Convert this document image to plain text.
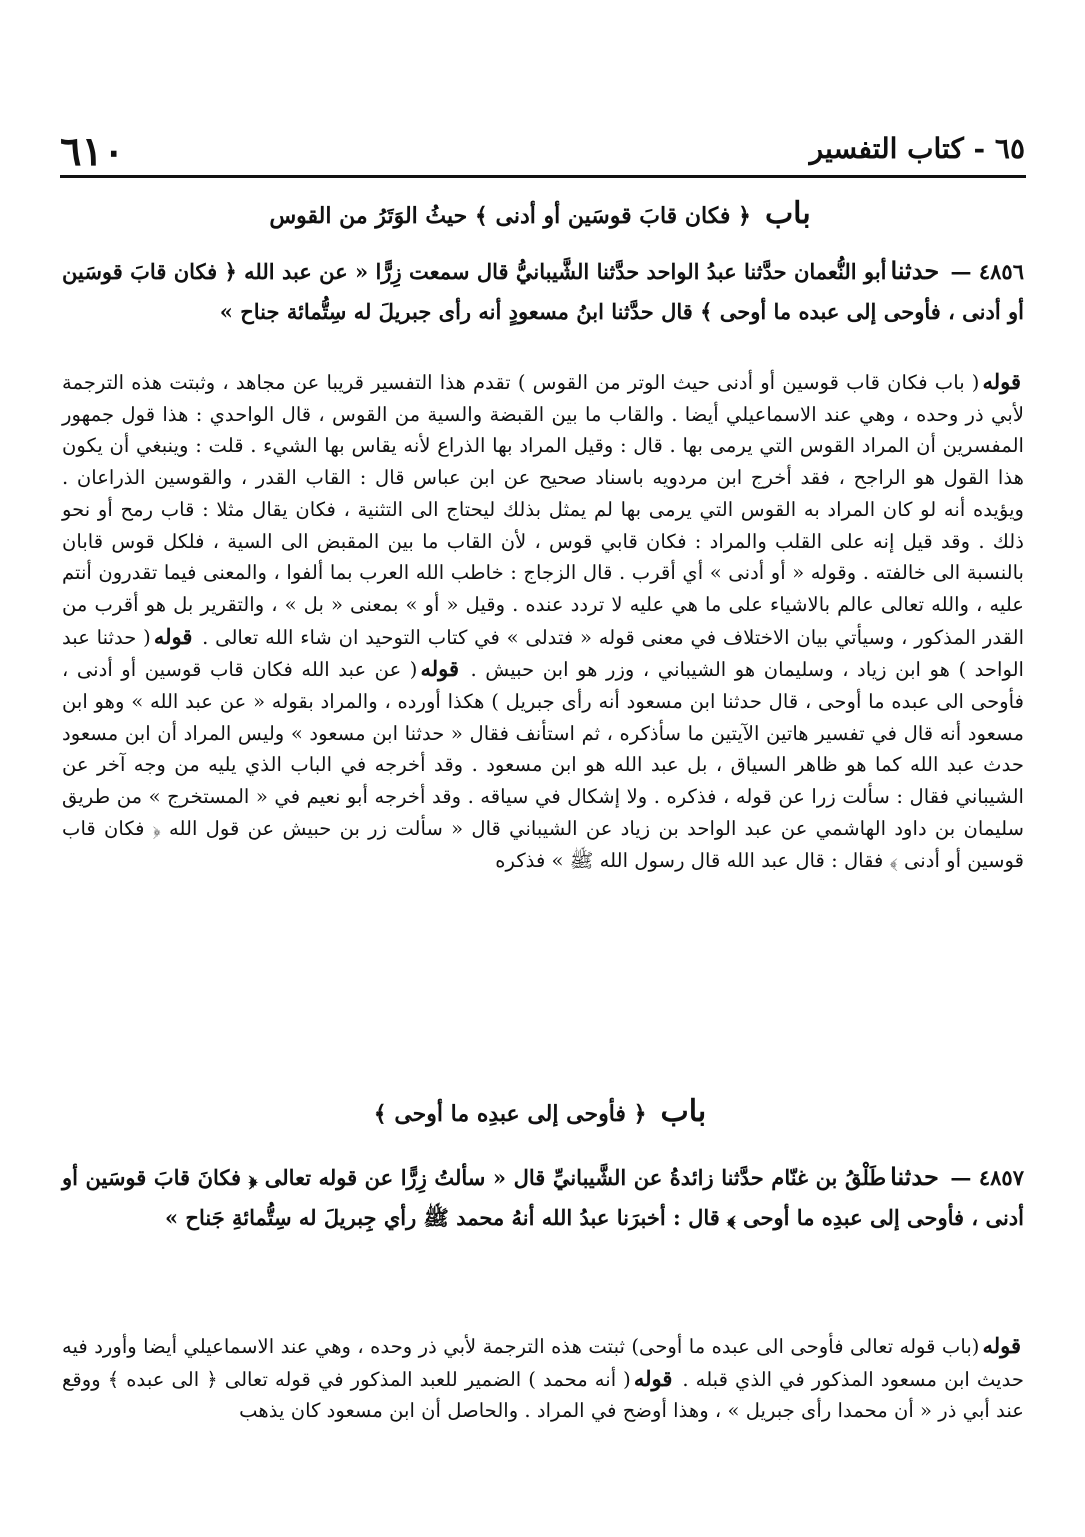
٦١٠	٦٥ - كتاب التفسير
باب﴿ فكان قابَ قوسَين أو أدنى ﴾ حيثُ الوَتَرُ من القوس

٤٨٥٦ — حدثناأبو النُّعمان حدَّثنا عبدُ الواحد حدَّثنا الشَّيبانيُّ قال سمعت زِرًّا « عن عبد الله ﴿ فكان قابَ قوسَين أو أدنى ، فأوحى إلى عبده ما أوحى ﴾ قال حدَّثنا ابنُ مسعودٍ أنه رأى جبريلَ له سِتُّمائة جناح »

قوله( باب فكان قاب قوسين أو أدنى حيث الوتر من القوس ) تقدم هذا التفسير قريبا عن مجاهد ، وثبتت هذه الترجمة لأبي ذر وحده ، وهي عند الاسماعيلي أيضا . والقاب ما بين القبضة والسية من القوس ، قال الواحدي : هذا قول جمهور المفسرين أن المراد القوس التي يرمى بها . قال : وقيل المراد بها الذراع لأنه يقاس بها الشيء . قلت : وينبغي أن يكون هذا القول هو الراجح ، فقد أخرج ابن مردويه باسناد صحيح عن ابن عباس قال : القاب القدر ، والقوسين الذراعان . ويؤيده أنه لو كان المراد به القوس التي يرمى بها لم يمثل بذلك ليحتاج الى التثنية ، فكان يقال مثلا : قاب رمح أو نحو ذلك . وقد قيل إنه على القلب والمراد : فكان قابي قوس ، لأن القاب ما بين المقبض الى السية ، فلكل قوس قابان بالنسبة الى خالفته . وقوله « أو أدنى » أي أقرب . قال الزجاج : خاطب الله العرب بما ألفوا ، والمعنى فيما تقدرون أنتم عليه ، والله تعالى عالم بالاشياء على ما هي عليه لا تردد عنده . وقيل « أو » بمعنى « بل » ، والتقرير بل هو أقرب من القدر المذكور ، وسيأتي بيان الاختلاف في معنى قوله « فتدلى » في كتاب التوحيد ان شاء الله تعالى . قوله( حدثنا عبد الواحد ) هو ابن زياد ، وسليمان هو الشيباني ، وزر هو ابن حبيش . قوله( عن عبد الله فكان قاب قوسين أو أدنى ، فأوحى الى عبده ما أوحى ، قال حدثنا ابن مسعود أنه رأى جبريل ) هكذا أورده ، والمراد بقوله « عن عبد الله » وهو ابن مسعود أنه قال في تفسير هاتين الآيتين ما سأذكره ، ثم استأنف فقال « حدثنا ابن مسعود » وليس المراد أن ابن مسعود حدث عبد الله كما هو ظاهر السياق ، بل عبد الله هو ابن مسعود . وقد أخرجه في الباب الذي يليه من وجه آخر عن الشيباني فقال : سألت زرا عن قوله ، فذكره . ولا إشكال في سياقه . وقد أخرجه أبو نعيم في « المستخرج » من طريق سليمان بن داود الهاشمي عن عبد الواحد بن زياد عن الشيباني قال « سألت زر بن حبيش عن قول الله ﴿ فكان قاب قوسين أو أدنى ﴾ فقال : قال عبد الله قال رسول الله ﷺ » فذكره

باب﴿ فأوحى إلى عبدِه ما أوحى ﴾

٤٨٥٧ — حدثناطَلْقُ بن غنّام حدَّثنا زائدةُ عن الشَّيبانيِّ قال « سألتُ زِرًّا عن قوله تعالى ﴿ فكانَ قابَ قوسَين أو أدنى ، فأوحى إلى عبدِه ما أوحى ﴾ قال : أخبرَنا عبدُ الله أنهُ محمد ﷺ رأي جِبريلَ له سِتُّمائةِ جَناح »

قوله(باب قوله تعالى فأوحى الى عبده ما أوحى) ثبتت هذه الترجمة لأبي ذر وحده ، وهي عند الاسماعيلي أيضا وأورد فيه حديث ابن مسعود المذكور في الذي قبله . قوله( أنه محمد ) الضمير للعبد المذكور في قوله تعالى ﴿ الى عبده ﴾ ووقع عند أبي ذر « أن محمدا رأى جبريل » ، وهذا أوضح في المراد . والحاصل أن ابن مسعود كان يذهب
